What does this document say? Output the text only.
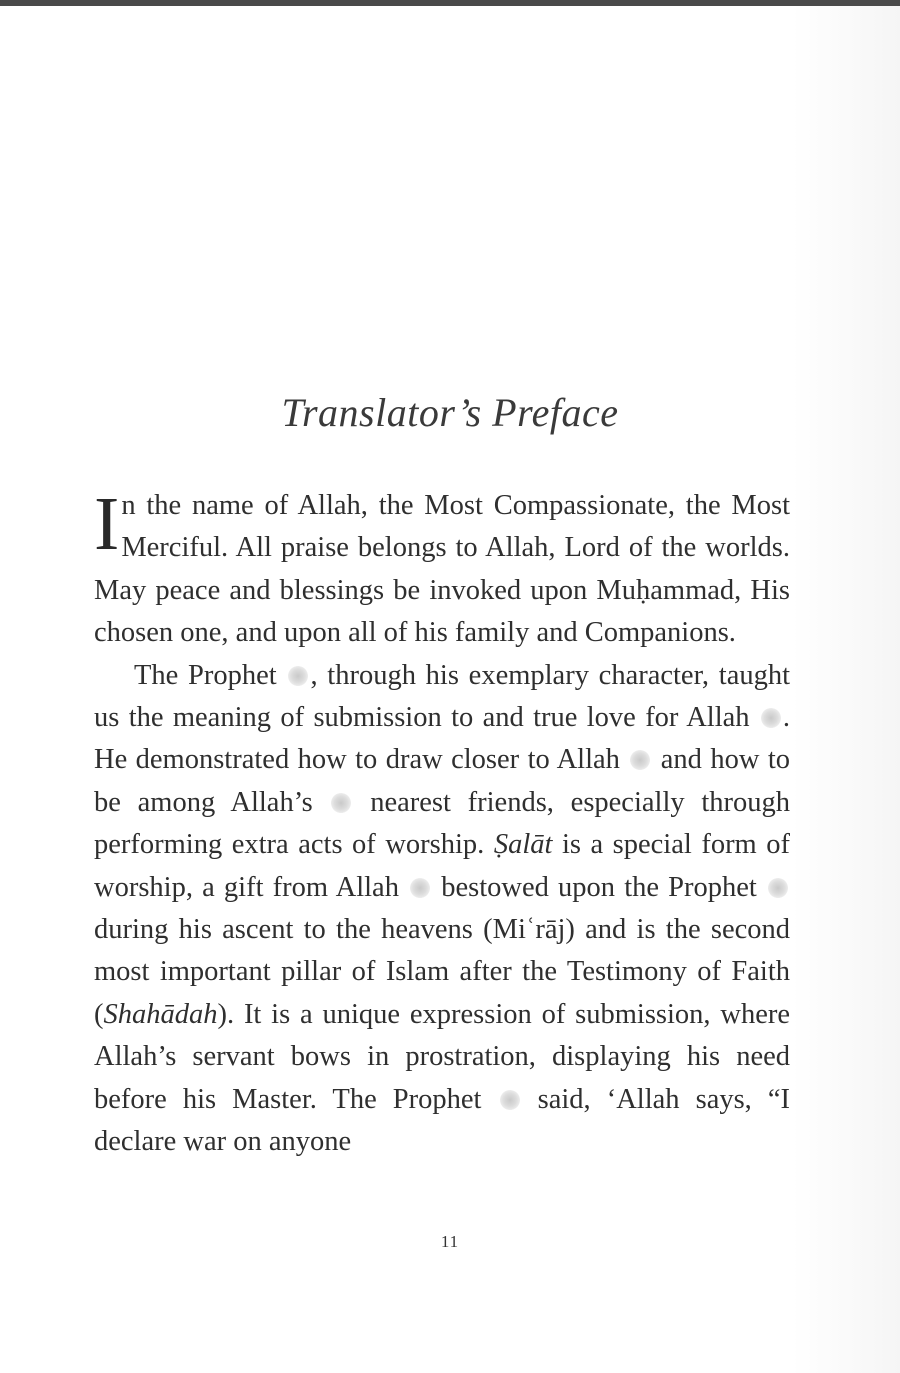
Translator’s Preface

In the name of Allah, the Most Compassionate, the Most Merciful. All praise belongs to Allah, Lord of the worlds. May peace and blessings be invoked upon Muḥammad, His chosen one, and upon all of his family and Companions.

The Prophet , through his exemplary character, taught us the meaning of submission to and true love for Allah . He demonstrated how to draw closer to Allah and how to be among Allah’s nearest friends, especially through performing extra acts of worship. Ṣalāt is a special form of worship, a gift from Allah bestowed upon the Prophet  during his ascent to the heavens (Miʿrāj) and is the second most important pillar of Islam after the Testimony of Faith (Shahādah). It is a unique expression of submission, where Allah’s servant bows in prostration, displaying his need before his Master. The Prophet said, ‘Allah says, “I declare war on anyone

11
